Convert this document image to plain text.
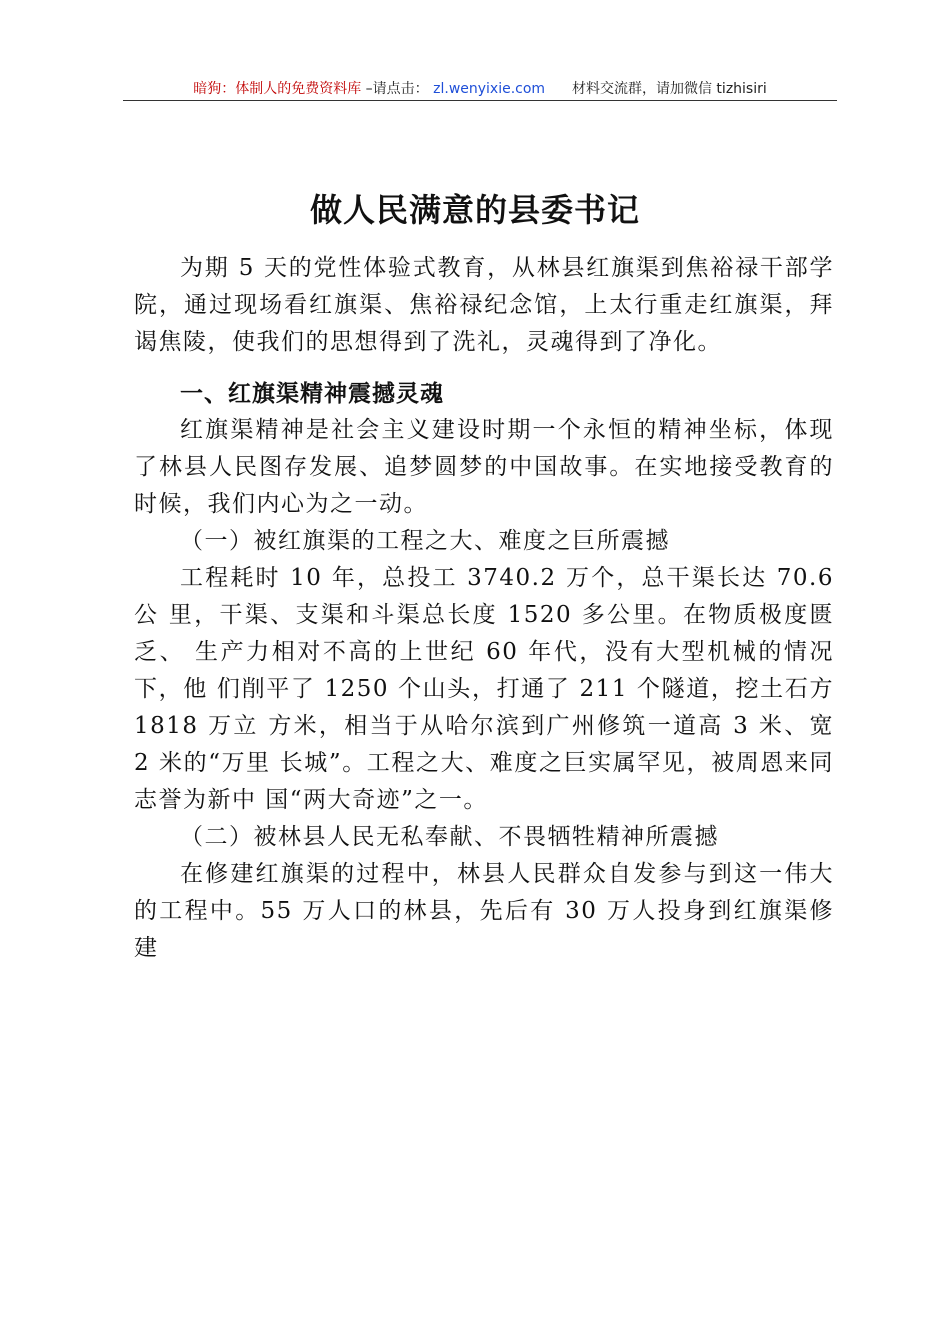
暗狗：体制人的免费资料库 –请点击： zl.wenyixie.com 材料交流群，请加微信 tizhisiri
做人民满意的县委书记

为期 5 天的党性体验式教育，从林县红旗渠到焦裕禄干部学 院，通过现场看红旗渠、焦裕禄纪念馆，上太行重走红旗渠，拜 谒焦陵，使我们的思想得到了洗礼，灵魂得到了净化。

一、红旗渠精神震撼灵魂

红旗渠精神是社会主义建设时期一个永恒的精神坐标，体现 了林县人民图存发展、追梦圆梦的中国故事。在实地接受教育的 时候，我们内心为之一动。

（一）被红旗渠的工程之大、难度之巨所震撼

工程耗时 10 年，总投工 3740.2 万个，总干渠长达 70.6 公 里，干渠、支渠和斗渠总长度 1520 多公里。在物质极度匮乏、 生产力相对不高的上世纪 60 年代，没有大型机械的情况下，他 们削平了 1250 个山头，打通了 211 个隧道，挖土石方 1818 万立 方米，相当于从哈尔滨到广州修筑一道高 3 米、宽 2 米的“万里 长城”。工程之大、难度之巨实属罕见，被周恩来同志誉为新中 国“两大奇迹”之一。

（二）被林县人民无私奉献、不畏牺牲精神所震撼

在修建红旗渠的过程中，林县人民群众自发参与到这一伟大 的工程中。55 万人口的林县，先后有 30 万人投身到红旗渠修建
